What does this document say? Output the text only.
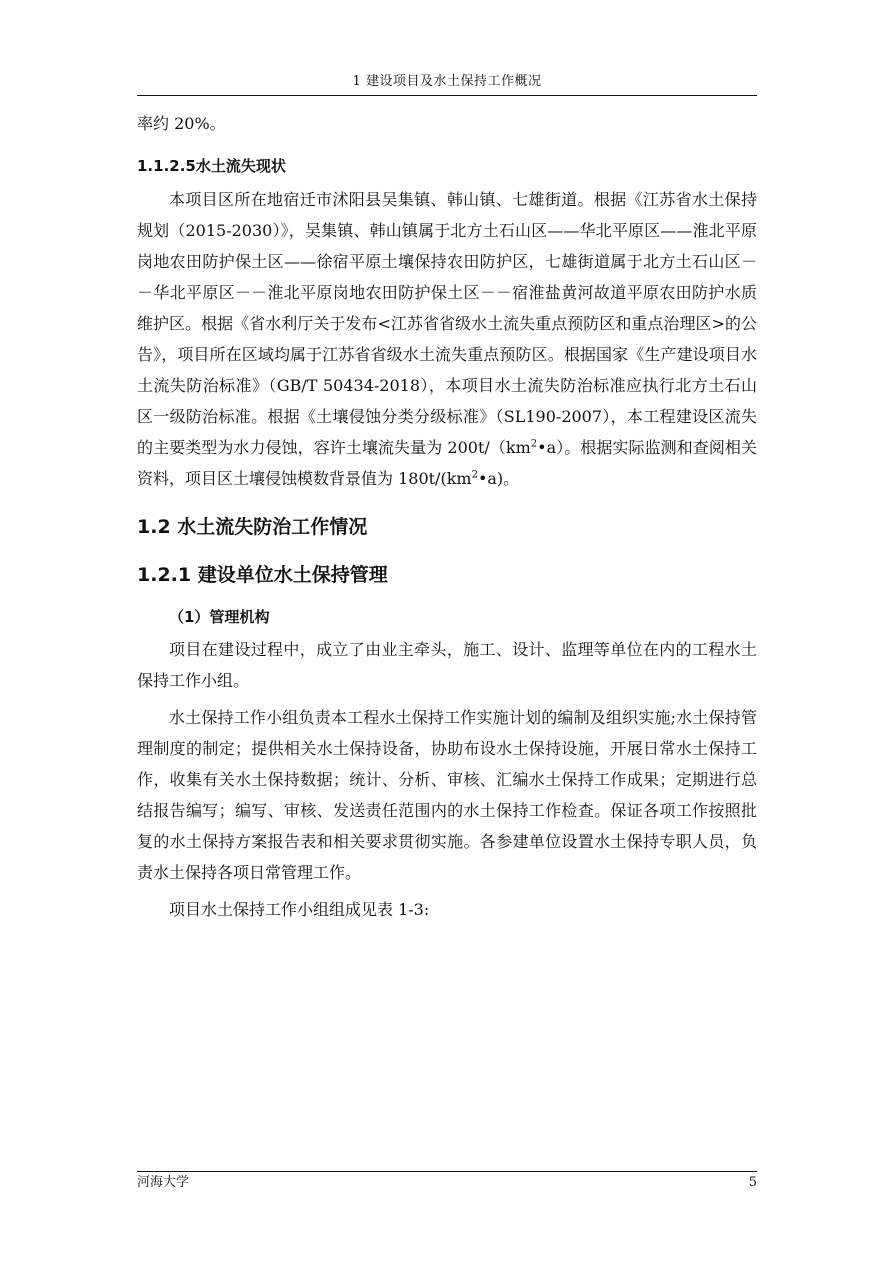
1 建设项目及水土保持工作概况
率约 20%。
1.1.2.5水土流失现状

本项目区所在地宿迁市沭阳县吴集镇、韩山镇、七雄街道。根据《江苏省水土保持规划（2015-2030）》，吴集镇、韩山镇属于北方土石山区——华北平原区——淮北平原岗地农田防护保土区——徐宿平原土壤保持农田防护区，七雄街道属于北方土石山区－－华北平原区－－淮北平原岗地农田防护保土区－－宿淮盐黄河故道平原农田防护水质维护区。根据《省水利厅关于发布<江苏省省级水土流失重点预防区和重点治理区>的公告》，项目所在区域均属于江苏省省级水土流失重点预防区。根据国家《生产建设项目水土流失防治标准》（GB/T 50434-2018），本项目水土流失防治标准应执行北方土石山区一级防治标准。根据《土壤侵蚀分类分级标准》（SL190-2007），本工程建设区流失的主要类型为水力侵蚀，容许土壤流失量为 $200t/(km^2•a)$。根据实际监测和查阅相关资料，项目区土壤侵蚀模数背景值为 $180t/(km^2•a)$。

1.2 水土流失防治工作情况
1.2.1 建设单位水土保持管理
（1）管理机构

项目在建设过程中，成立了由业主牵头，施工、设计、监理等单位在内的工程水土保持工作小组。

水土保持工作小组负责本工程水土保持工作实施计划的编制及组织实施;水土保持管理制度的制定；提供相关水土保持设备，协助布设水土保持设施，开展日常水土保持工作，收集有关水土保持数据；统计、分析、审核、汇编水土保持工作成果；定期进行总结报告编写；编写、审核、发送责任范围内的水土保持工作检查。保证各项工作按照批复的水土保持方案报告表和相关要求贯彻实施。各参建单位设置水土保持专职人员，负责水土保持各项日常管理工作。

项目水土保持工作小组组成见表 1-3:

河海大学	5
